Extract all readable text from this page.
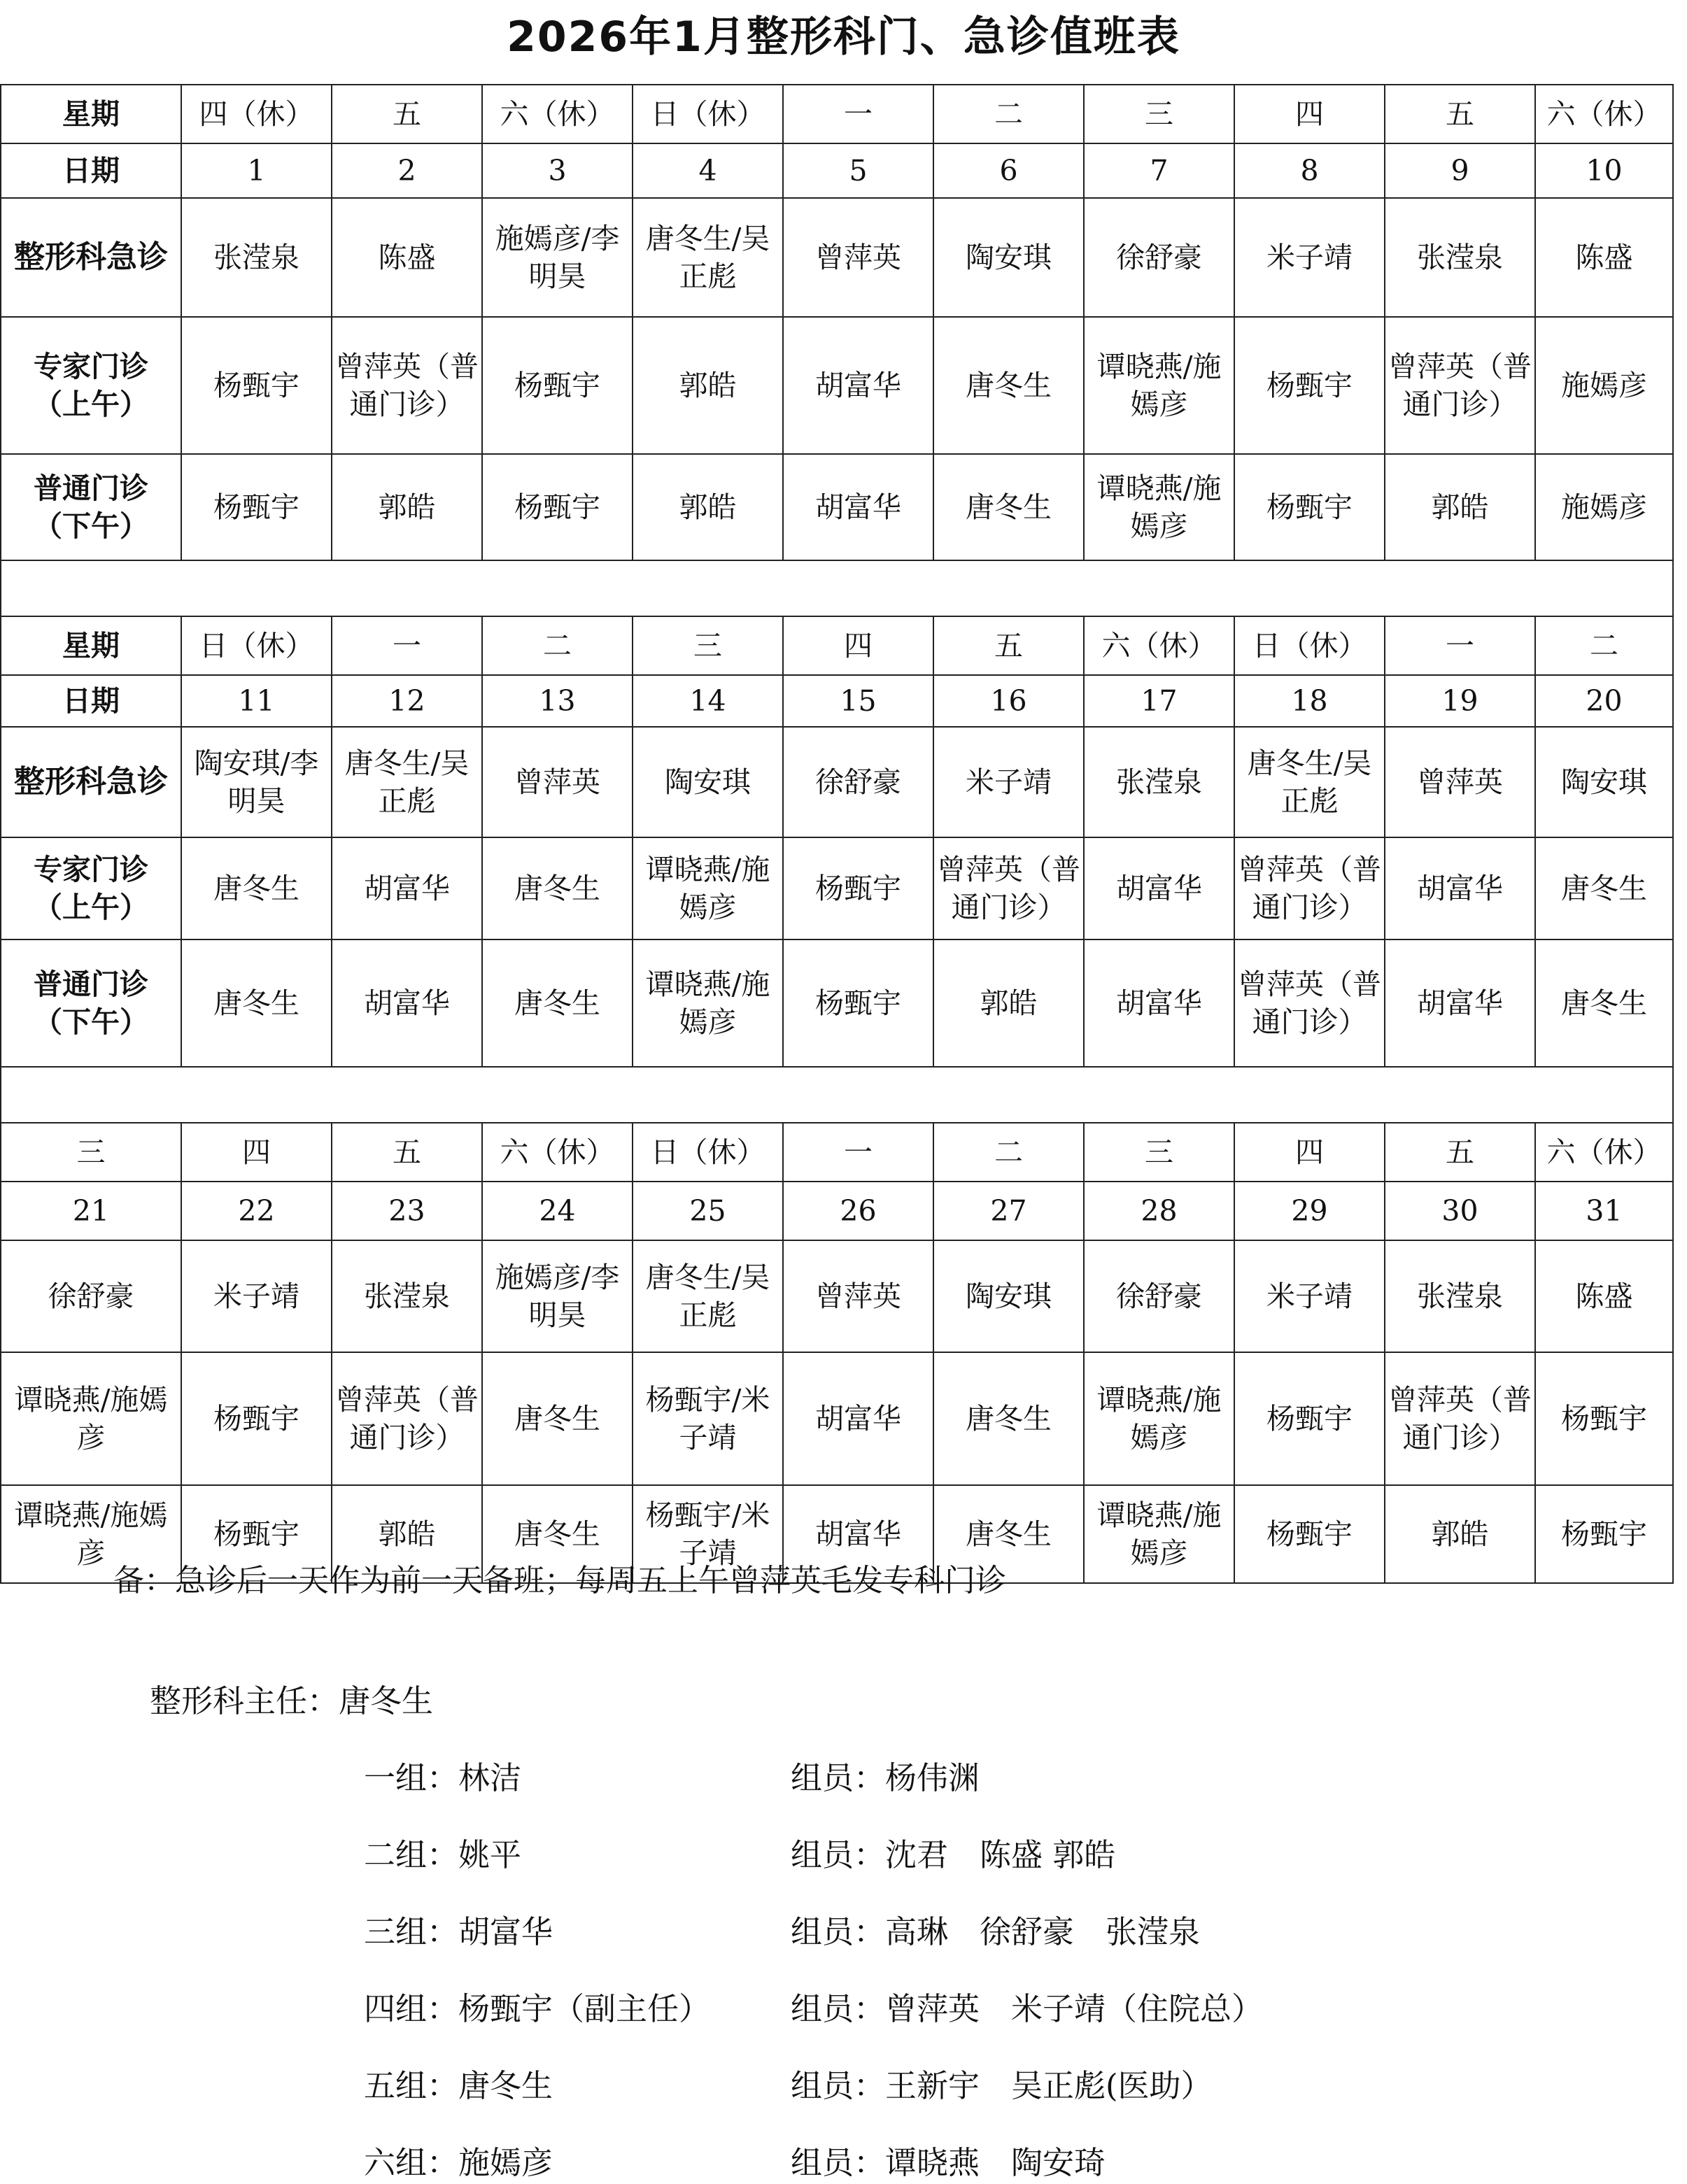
2026年1月整形科门、急诊值班表
星期	四（休）	五	六（休）	日（休）	一	二	三	四	五	六（休）

日期	1	2	3	4	5	6	7	8	9	10

整形科急诊	张滢泉	陈盛	施嫣彦/李明昊	唐冬生/吴正彪	曾萍英	陶安琪	徐舒豪	米子靖	张滢泉	陈盛

专家门诊
（上午）	杨甄宇	曾萍英（普通门诊）	杨甄宇	郭皓	胡富华	唐冬生	谭晓燕/施嫣彦	杨甄宇	曾萍英（普通门诊）	施嫣彦

普通门诊
（下午）	杨甄宇	郭皓	杨甄宇	郭皓	胡富华	唐冬生	谭晓燕/施嫣彦	杨甄宇	郭皓	施嫣彦

星期	日（休）	一	二	三	四	五	六（休）	日（休）	一	二

日期	11	12	13	14	15	16	17	18	19	20

整形科急诊	陶安琪/李明昊	唐冬生/吴正彪	曾萍英	陶安琪	徐舒豪	米子靖	张滢泉	唐冬生/吴正彪	曾萍英	陶安琪

专家门诊
（上午）	唐冬生	胡富华	唐冬生	谭晓燕/施嫣彦	杨甄宇	曾萍英（普通门诊）	胡富华	曾萍英（普通门诊）	胡富华	唐冬生

普通门诊
（下午）	唐冬生	胡富华	唐冬生	谭晓燕/施嫣彦	杨甄宇	郭皓	胡富华	曾萍英（普通门诊）	胡富华	唐冬生

三	四	五	六（休）	日（休）	一	二	三	四	五	六（休）
21	22	23	24	25	26	27	28	29	30	31
徐舒豪	米子靖	张滢泉	施嫣彦/李明昊	唐冬生/吴正彪	曾萍英	陶安琪	徐舒豪	米子靖	张滢泉	陈盛
谭晓燕/施嫣彦	杨甄宇	曾萍英（普通门诊）	唐冬生	杨甄宇/米子靖	胡富华	唐冬生	谭晓燕/施嫣彦	杨甄宇	曾萍英（普通门诊）	杨甄宇
谭晓燕/施嫣彦	杨甄宇	郭皓	唐冬生	杨甄宇/米子靖	胡富华	唐冬生	谭晓燕/施嫣彦	杨甄宇	郭皓	杨甄宇
备：急诊后一天作为前一天备班；每周五上午曾萍英毛发专科门诊
整形科主任：唐冬生
一组：林洁	组员：杨伟渊
二组：姚平	组员：沈君　陈盛 郭皓
三组：胡富华	组员：高琳　徐舒豪　张滢泉
四组：杨甄宇（副主任）	组员：曾萍英　米子靖（住院总）
五组：唐冬生	组员：王新宇　吴正彪(医助）
六组：施嫣彦	组员：谭晓燕　陶安琦
